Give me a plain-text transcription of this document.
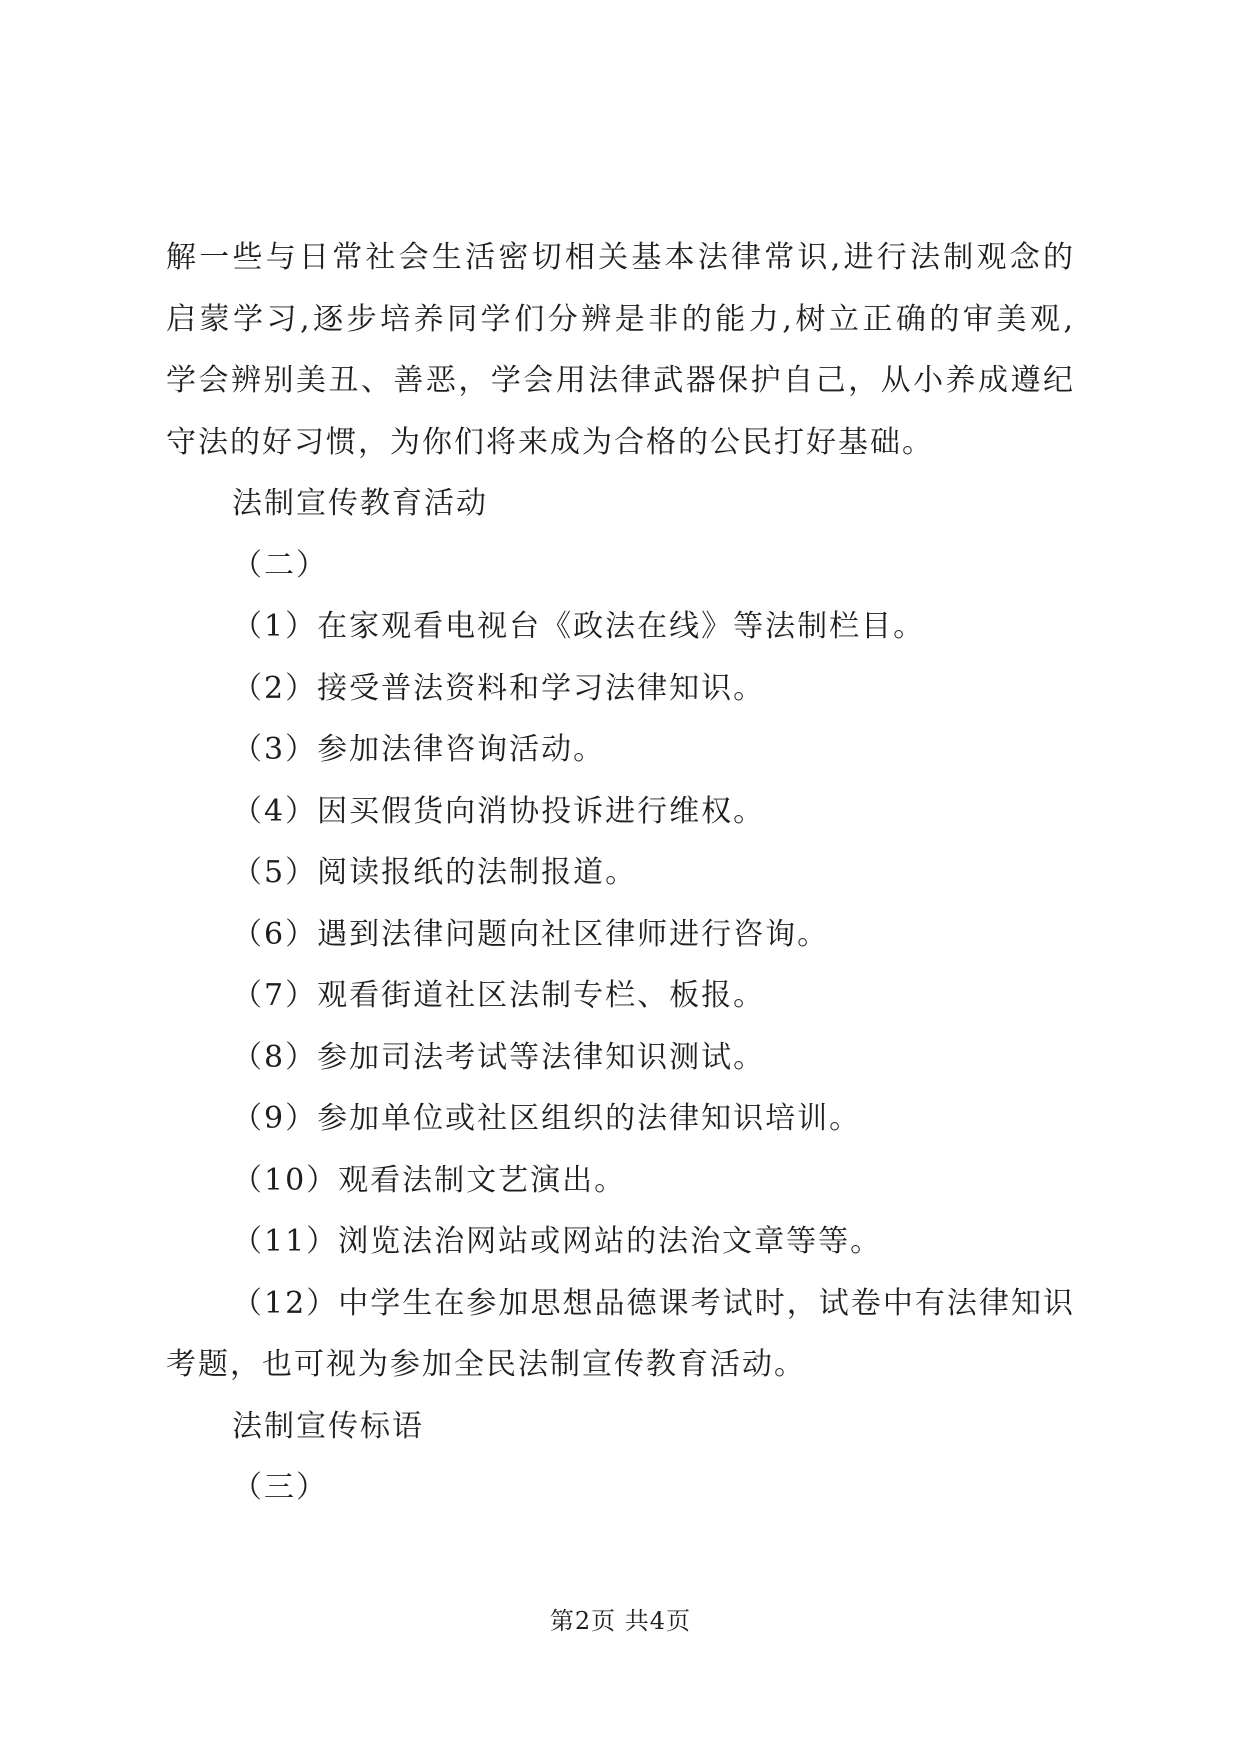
解一些与日常社会生活密切相关基本法律常识,进行法制观念的
启蒙学习,逐步培养同学们分辨是非的能力,树立正确的审美观,
学会辨别美丑、善恶，学会用法律武器保护自己，从小养成遵纪
守法的好习惯，为你们将来成为合格的公民打好基础。
法制宣传教育活动
（二）
（1）在家观看电视台《政法在线》等法制栏目。
（2）接受普法资料和学习法律知识。
（3）参加法律咨询活动。
（4）因买假货向消协投诉进行维权。
（5）阅读报纸的法制报道。
（6）遇到法律问题向社区律师进行咨询。
（7）观看街道社区法制专栏、板报。
（8）参加司法考试等法律知识测试。
（9）参加单位或社区组织的法律知识培训。
（10）观看法制文艺演出。
（11）浏览法治网站或网站的法治文章等等。
（12）中学生在参加思想品德课考试时，试卷中有法律知识
考题，也可视为参加全民法制宣传教育活动。
法制宣传标语
（三）
第2页 共4页
